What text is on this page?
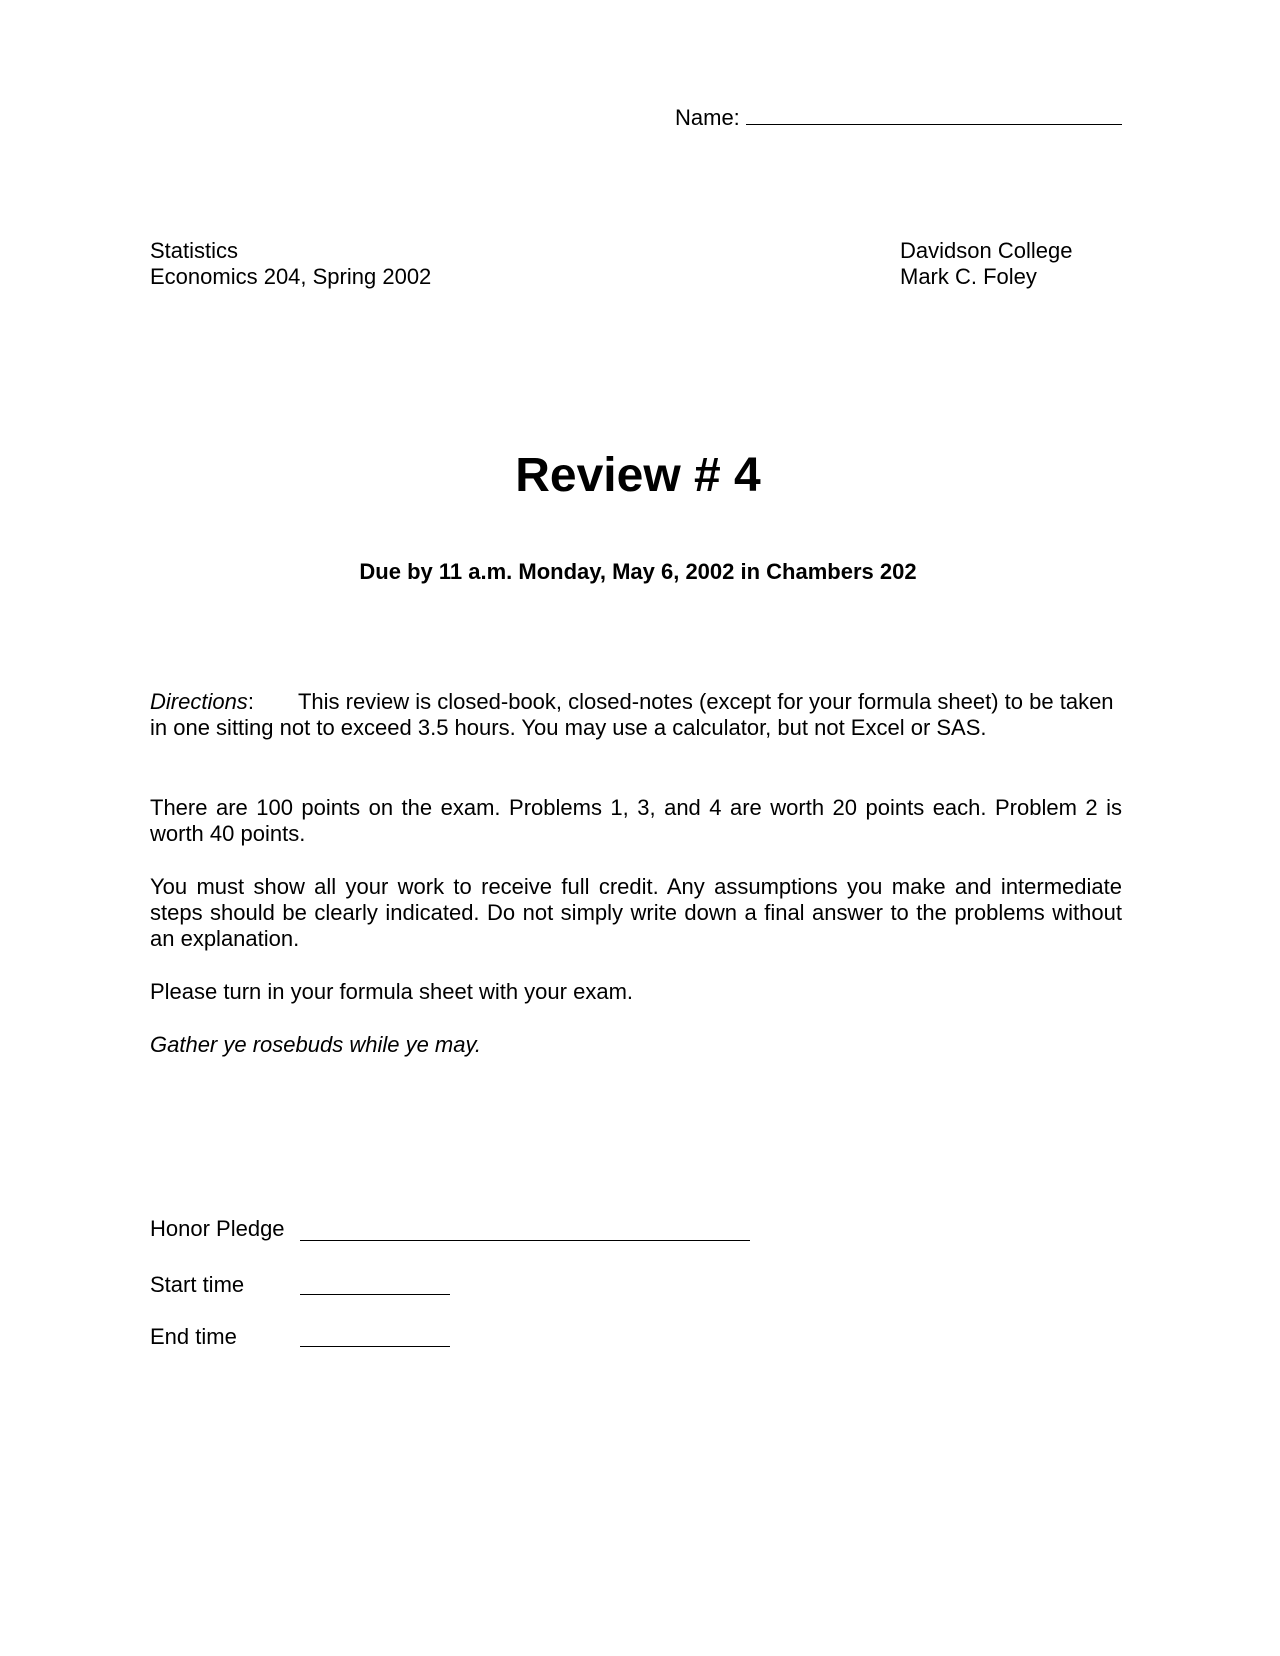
Name:
Statistics
Economics 204, Spring 2002
Davidson College
Mark C. Foley
Review # 4
Due by 11 a.m. Monday, May 6, 2002 in Chambers 202
Directions: This review is closed-book, closed-notes (except for your formula sheet) to be taken in one sitting not to exceed 3.5 hours. You may use a calculator, but not Excel or SAS.
There are 100 points on the exam. Problems 1, 3, and 4 are worth 20 points each. Problem 2 is worth 40 points.
You must show all your work to receive full credit. Any assumptions you make and intermediate steps should be clearly indicated. Do not simply write down a final answer to the problems without an explanation.
Please turn in your formula sheet with your exam.
Gather ye rosebuds while ye may.
Honor Pledge
Start time
End time
